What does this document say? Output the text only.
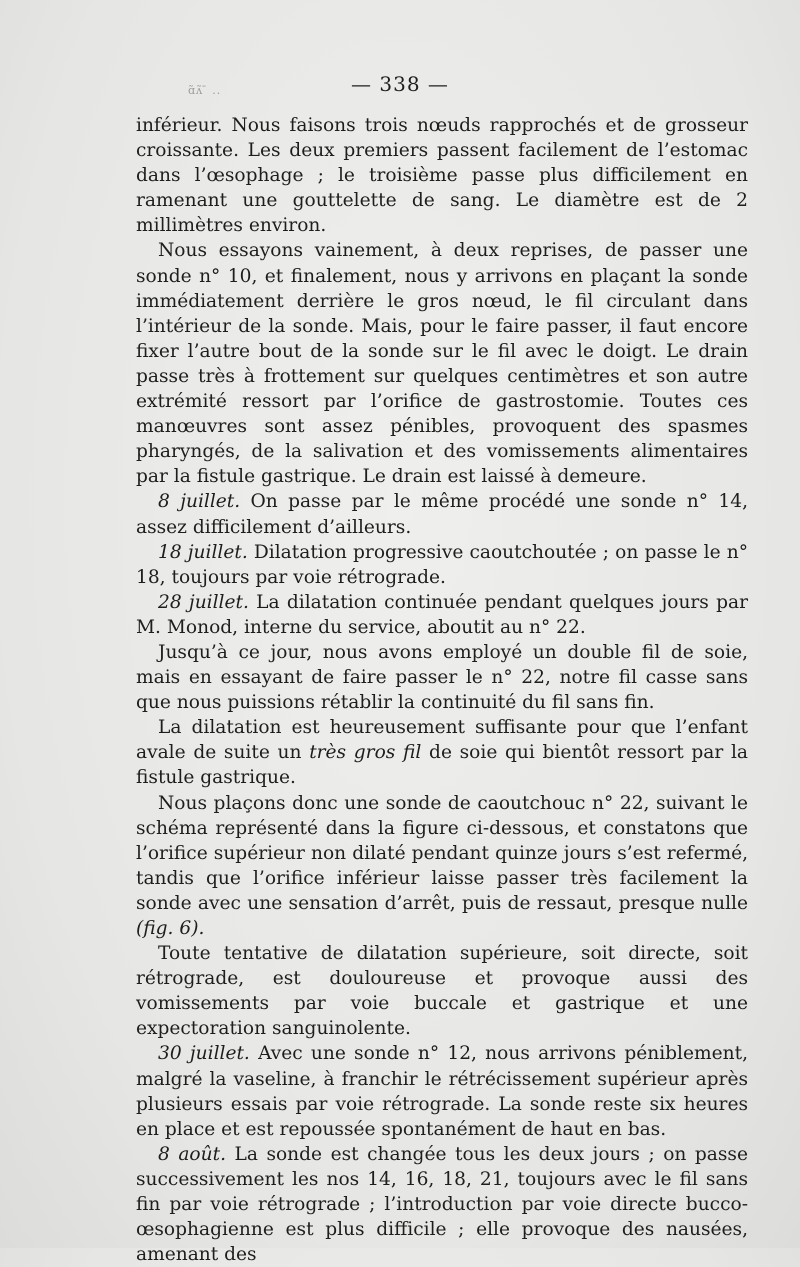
ɑ̃ᴧ̃ ̄ ..	— 338 —

inférieur. Nous faisons trois nœuds rapprochés et de grosseur croissante. Les deux premiers passent facilement de l’estomac dans l’œsophage ; le troisième passe plus difficilement en ramenant une gouttelette de sang. Le diamètre est de 2 millimètres environ.

Nous essayons vainement, à deux reprises, de passer une sonde n° 10, et finalement, nous y arrivons en plaçant la sonde immédiatement derrière le gros nœud, le fil circulant dans l’intérieur de la sonde. Mais, pour le faire passer, il faut encore fixer l’autre bout de la sonde sur le fil avec le doigt. Le drain passe très à frottement sur quelques centimètres et son autre extrémité ressort par l’orifice de gastrostomie. Toutes ces manœuvres sont assez pénibles, provoquent des spasmes pharyngés, de la salivation et des vomissements alimentaires par la fistule gastrique. Le drain est laissé à demeure.

8 juillet. On passe par le même procédé une sonde n° 14, assez difficilement d’ailleurs.

18 juillet. Dilatation progressive caoutchoutée ; on passe le n° 18, toujours par voie rétrograde.

28 juillet. La dilatation continuée pendant quelques jours par M. Monod, interne du service, aboutit au n° 22.

Jusqu’à ce jour, nous avons employé un double fil de soie, mais en essayant de faire passer le n° 22, notre fil casse sans que nous puissions rétablir la continuité du fil sans fin.

La dilatation est heureusement suffisante pour que l’enfant avale de suite un très gros fil de soie qui bientôt ressort par la fistule gastrique.

Nous plaçons donc une sonde de caoutchouc n° 22, suivant le schéma représenté dans la figure ci-dessous, et constatons que l’orifice supérieur non dilaté pendant quinze jours s’est refermé, tandis que l’orifice inférieur laisse passer très facilement la sonde avec une sensation d’arrêt, puis de ressaut, presque nulle (fig. 6).

Toute tentative de dilatation supérieure, soit directe, soit rétrograde, est douloureuse et provoque aussi des vomissements par voie buccale et gastrique et une expectoration sanguinolente.

30 juillet. Avec une sonde n° 12, nous arrivons péniblement, malgré la vaseline, à franchir le rétrécissement supérieur après plusieurs essais par voie rétrograde. La sonde reste six heures en place et est repoussée spontanément de haut en bas.

8 août. La sonde est changée tous les deux jours ; on passe successivement les nos 14, 16, 18, 21, toujours avec le fil sans fin par voie rétrograde ; l’introduction par voie directe bucco-œsophagienne est plus difficile ; elle provoque des nausées, amenant des
